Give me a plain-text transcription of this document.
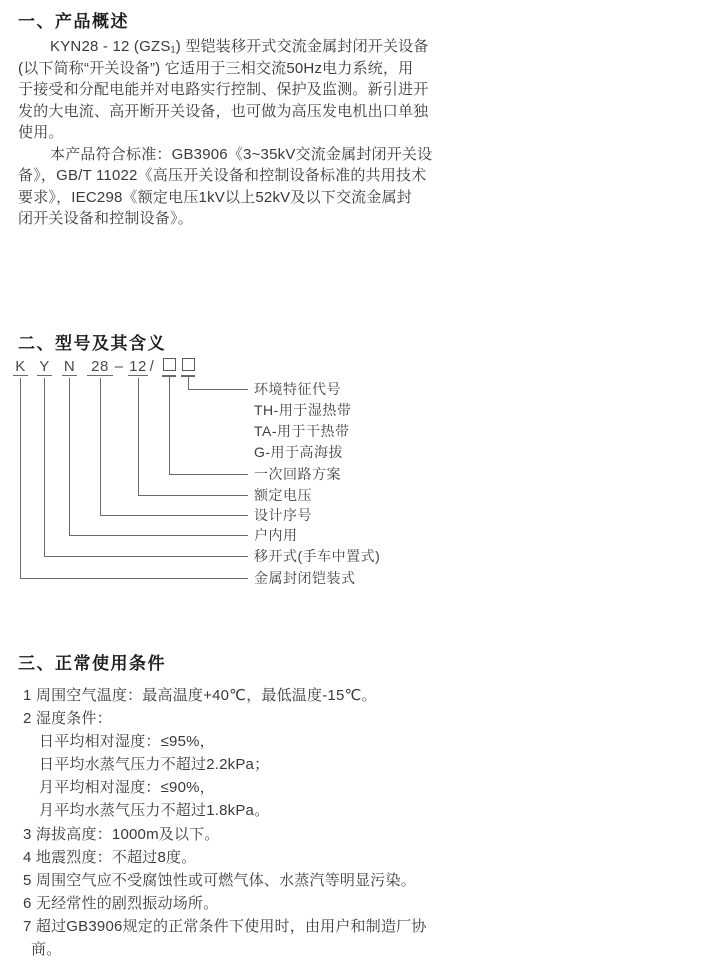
一、产品概述
KYN28 - 12 (GZS₁) 型铠装移开式交流金属封闭开关设备
(以下简称“开关设备”) 它适用于三相交流50Hz电力系统，用
于接受和分配电能并对电路实行控制、保护及监测。新引进开
发的大电流、高开断开关设备，也可做为高压发电机出口单独
使用。
本产品符合标准：GB3906《3~35kV交流金属封闭开关设
备》，GB/T 11022《高压开关设备和控制设备标准的共用技术
要求》，IEC298《额定电压1kV以上52kV及以下交流金属封
闭开关设备和控制设备》。
二、型号及其含义
K Y N 28 – 12 /
环境特征代号
TH-用于湿热带
TA-用于干热带
G-用于高海拔
一次回路方案
额定电压
设计序号
户内用
移开式(手车中置式)
金属封闭铠装式
三、正常使用条件
1 周围空气温度：最高温度+40℃，最低温度-15℃。
2 湿度条件：
日平均相对湿度：≤95%，
日平均水蒸气压力不超过2.2kPa；
月平均相对湿度：≤90%，
月平均水蒸气压力不超过1.8kPa。
3 海拔高度：1000m及以下。
4 地震烈度：不超过8度。
5 周围空气应不受腐蚀性或可燃气体、水蒸汽等明显污染。
6 无经常性的剧烈振动场所。
7 超过GB3906规定的正常条件下使用时，由用户和制造厂协
商。
